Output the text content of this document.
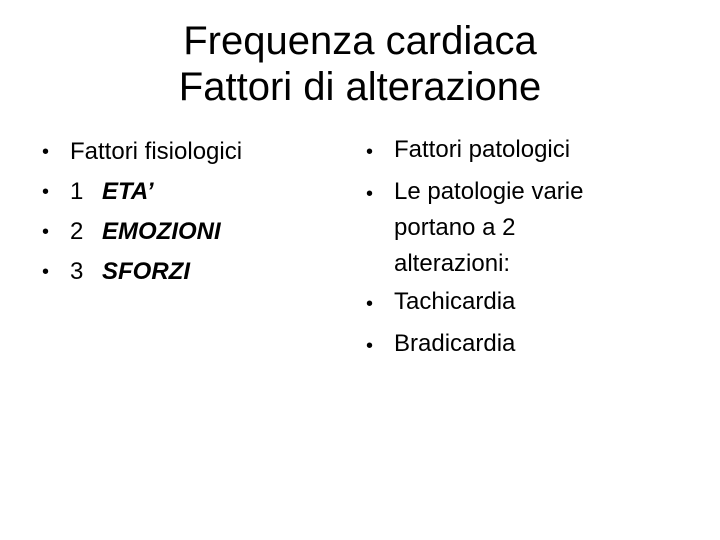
Frequenza cardiaca
Fattori di alterazione
• Fattori fisiologici
• 1 ETA’
• 2 EMOZIONI
• 3 SFORZI
• Fattori patologici
• Le patologie varie
portano a 2
alterazioni:
• Tachicardia
• Bradicardia
